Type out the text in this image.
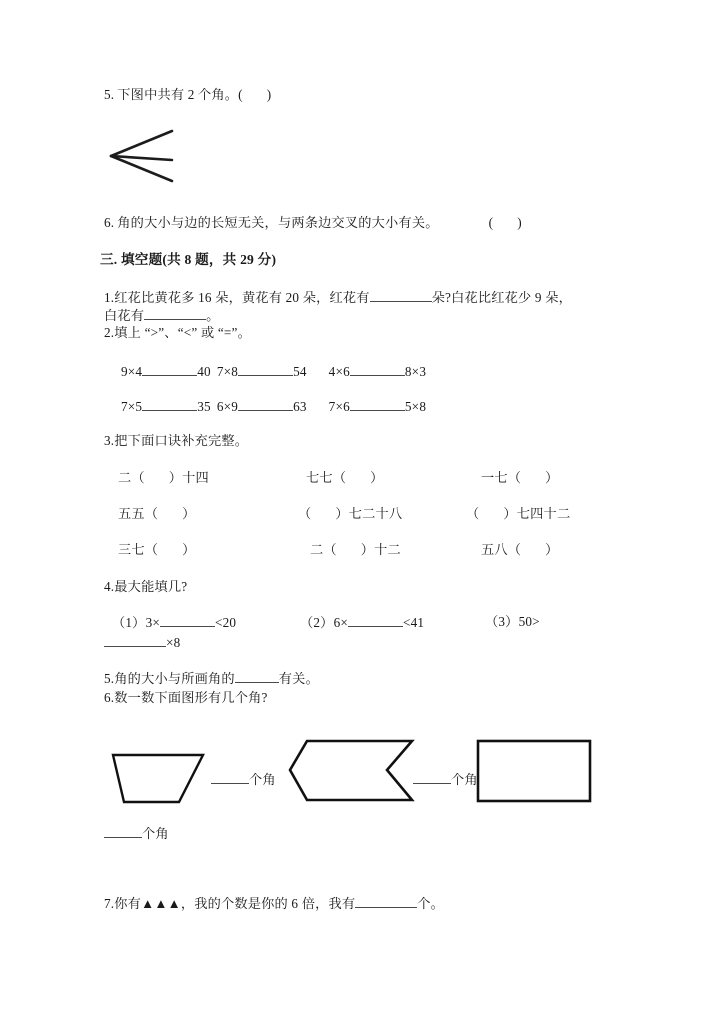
5. 下图中共有 2 个角。( )
6. 角的大小与边的长短无关，与两条边交叉的大小有关。	( )
三. 填空题(共 8 题，共 29 分)
1.红花比黄花多 16 朵，黄花有 20 朵，红花有	朵?白花比红花少 9 朵，
白花有	。
2.填上 “>”、“<” 或 “=”。
9×4	40 7×8	54 4×6	8×3
7×5	35 6×9	63 7×6	5×8
3.把下面口诀补充完整。
二（ ）十四	七七（ ）	一七（ ）
五五（ ）	（ ）七二十八	（ ）七四十二
三七（ ）	二（ ）十二	五八（ ）
4.最大能填几?
（1）3×	<20	（2）6×	<41	（3）50>
×8
5.角的大小与所画角的	有关。
6.数一数下面图形有几个角?
个角	个角
个角
7.你有▲▲▲，我的个数是你的 6 倍，我有	个。
